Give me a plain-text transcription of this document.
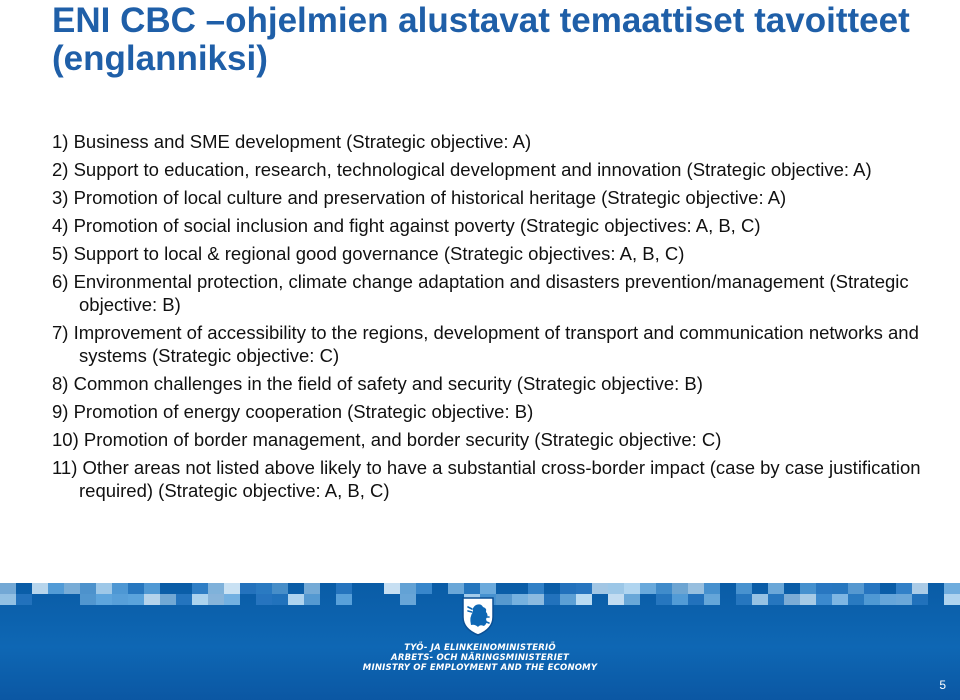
ENI CBC –ohjelmien alustavat temaattiset tavoitteet (englanniksi)
1) Business and SME development (Strategic objective: A)
2) Support to education, research, technological development and innovation (Strategic objective: A)
3) Promotion of local culture and preservation of historical heritage (Strategic objective: A)
4) Promotion of social inclusion and fight against poverty (Strategic objectives: A, B, C)
5) Support to local & regional good governance (Strategic objectives: A, B, C)
6) Environmental protection, climate change adaptation and disasters prevention/management (Strategic objective: B)
7) Improvement of accessibility to the regions, development of transport and communication networks and systems (Strategic objective: C)
8) Common challenges in the field of safety and security (Strategic objective: B)
9) Promotion of energy cooperation (Strategic objective: B)
10) Promotion of border management, and border security (Strategic objective: C)
11) Other areas not listed above likely to have a substantial cross-border impact (case by case justification required) (Strategic objective: A, B, C)
TYÖ- JA ELINKEINOMINISTERIÖ
ARBETS- OCH NÄRINGSMINISTERIET
MINISTRY OF EMPLOYMENT AND THE ECONOMY
5
